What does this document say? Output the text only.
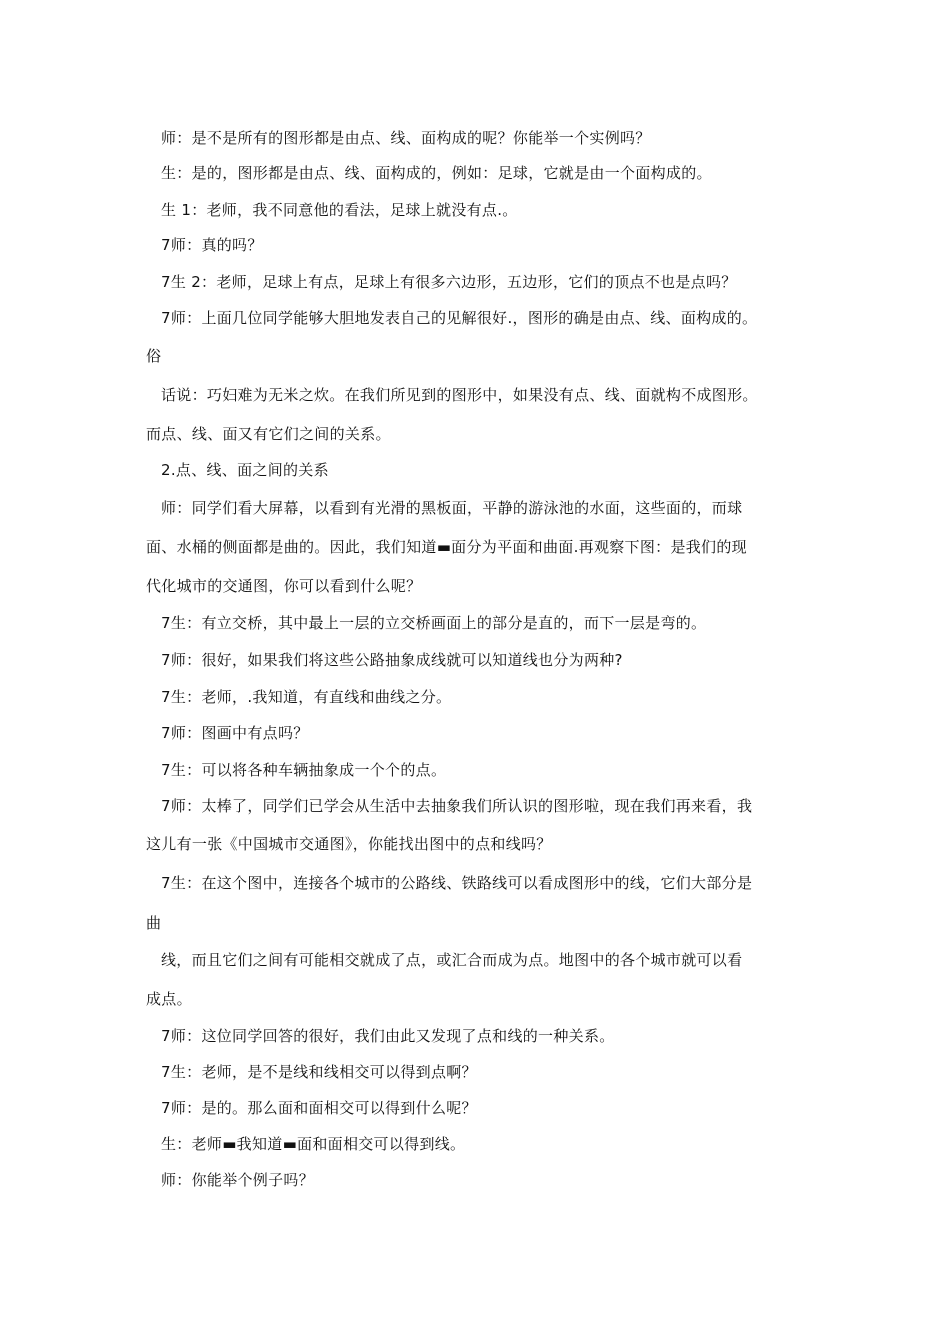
师：是不是所有的图形都是由点、线、面构成的呢？你能举一个实例吗？
生：是的，图形都是由点、线、面构成的，例如：足球，它就是由一个面构成的。
生 1：老师，我不同意他的看法，足球上就没有点.。
7师：真的吗？
7生 2：老师，足球上有点，足球上有很多六边形，五边形，它们的顶点不也是点吗？
7师：上面几位同学能够大胆地发表自己的见解很好.，图形的确是由点、线、面构成的。
俗
话说：巧妇难为无米之炊。在我们所见到的图形中，如果没有点、线、面就构不成图形。
而点、线、面又有它们之间的关系。
2.点、线、面之间的关系
师：同学们看大屏幕，以看到有光滑的黑板面，平静的游泳池的水面，这些面的，而球
面、水桶的侧面都是曲的。因此，我们知道▬面分为平面和曲面.再观察下图：是我们的现
代化城市的交通图，你可以看到什么呢？
7生：有立交桥，其中最上一层的立交桥画面上的部分是直的，而下一层是弯的。
7师：很好，如果我们将这些公路抽象成线就可以知道线也分为两种?
7生：老师，.我知道，有直线和曲线之分。
7师：图画中有点吗？
7生：可以将各种车辆抽象成一个个的点。
7师：太棒了，同学们已学会从生活中去抽象我们所认识的图形啦，现在我们再来看，我
这儿有一张《中国城市交通图》，你能找出图中的点和线吗？
7生：在这个图中，连接各个城市的公路线、铁路线可以看成图形中的线，它们大部分是
曲
线，而且它们之间有可能相交就成了点，或汇合而成为点。地图中的各个城市就可以看
成点。
7师：这位同学回答的很好，我们由此又发现了点和线的一种关系。
7生：老师，是不是线和线相交可以得到点啊？
7师：是的。那么面和面相交可以得到什么呢？
生：老师▬我知道▬面和面相交可以得到线。
师：你能举个例子吗？
